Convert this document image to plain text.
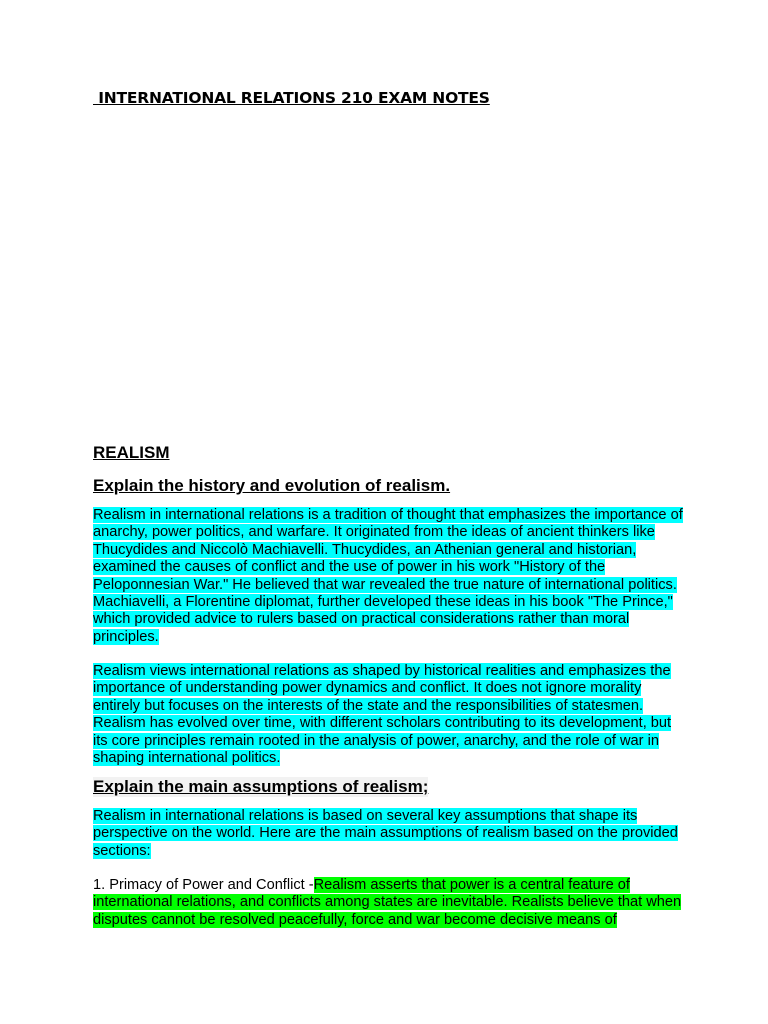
INTERNATIONAL RELATIONS 210 EXAM NOTES
REALISM
Explain the history and evolution of realism.

Realism in international relations is a tradition of thought that emphasizes the importance of anarchy, power politics, and warfare. It originated from the ideas of ancient thinkers like Thucydides and Niccolò Machiavelli. Thucydides, an Athenian general and historian, examined the causes of conflict and the use of power in his work "History of the Peloponnesian War." He believed that war revealed the true nature of international politics. Machiavelli, a Florentine diplomat, further developed these ideas in his book "The Prince," which provided advice to rulers based on practical considerations rather than moral principles.

Realism views international relations as shaped by historical realities and emphasizes the importance of understanding power dynamics and conflict. It does not ignore morality entirely but focuses on the interests of the state and the responsibilities of statesmen. Realism has evolved over time, with different scholars contributing to its development, but its core principles remain rooted in the analysis of power, anarchy, and the role of war in shaping international politics.

Explain the main assumptions of realism;

Realism in international relations is based on several key assumptions that shape its perspective on the world. Here are the main assumptions of realism based on the provided sections:

1. Primacy of Power and Conflict -Realism asserts that power is a central feature of international relations, and conflicts among states are inevitable. Realists believe that when disputes cannot be resolved peacefully, force and war become decisive means of
